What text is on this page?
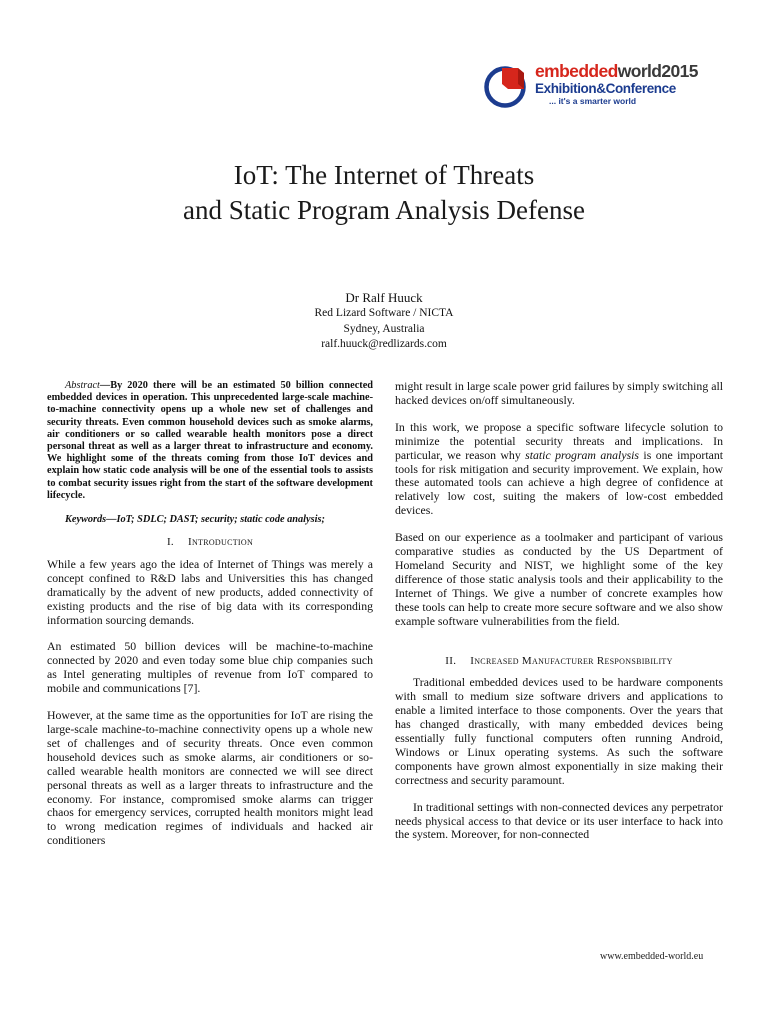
embeddedworld2015
Exhibition&Conference
... it's a smarter world
IoT: The Internet of Threats
and Static Program Analysis Defense
Dr Ralf Huuck
Red Lizard Software / NICTA
Sydney, Australia
ralf.huuck@redlizards.com

Abstract—By 2020 there will be an estimated 50 billion connected embedded devices in operation. This unprecedented large-scale machine-to-machine connectivity opens up a whole new set of challenges and security threats. Even common household devices such as smoke alarms, air conditioners or so called wearable health monitors pose a direct personal threat as well as a larger threat to infrastructure and economy. We highlight some of the threats coming from those IoT devices and explain how static code analysis will be one of the essential tools to assists to combat security issues right from the start of the software development lifecycle.

Keywords—IoT; SDLC; DAST; security; static code analysis;

I. Introduction

While a few years ago the idea of Internet of Things was merely a concept confined to R&D labs and Universities this has changed dramatically by the advent of new products, added connectivity of existing products and the rise of big data with its corresponding information sourcing demands.

An estimated 50 billion devices will be machine-to-machine connected by 2020 and even today some blue chip companies such as Intel generating multiples of revenue from IoT compared to mobile and communications [7].

However, at the same time as the opportunities for IoT are rising the large-scale machine-to-machine connectivity opens up a whole new set of challenges and of security threats. Once even common household devices such as smoke alarms, air conditioners or so-called wearable health monitors are connected we will see direct personal threats as well as a larger threats to infrastructure and the economy. For instance, compromised smoke alarms can trigger chaos for emergency services, corrupted health monitors might lead to wrong medication regimes of individuals and hacked air conditioners

might result in large scale power grid failures by simply switching all hacked devices on/off simultaneously.

In this work, we propose a specific software lifecycle solution to minimize the potential security threats and implications. In particular, we reason why static program analysis is one important tools for risk mitigation and security improvement. We explain, how these automated tools can achieve a high degree of confidence at relatively low cost, suiting the makers of low-cost embedded devices.

Based on our experience as a toolmaker and participant of various comparative studies as conducted by the US Department of Homeland Security and NIST, we highlight some of the key difference of those static analysis tools and their applicability to the Internet of Things. We give a number of concrete examples how these tools can help to create more secure software and we also show example software vulnerabilities from the field.

II. Increased Manufacturer Responsbibility

Traditional embedded devices used to be hardware components with small to medium size software drivers and applications to enable a limited interface to those components. Over the years that has changed drastically, with many embedded devices being essentially fully functional computers often running Android, Windows or Linux operating systems. As such the software components have grown almost exponentially in size making their correctness and security paramount.

In traditional settings with non-connected devices any perpetrator needs physical access to that device or its user interface to hack into the system. Moreover, for non-connected

www.embedded-world.eu
